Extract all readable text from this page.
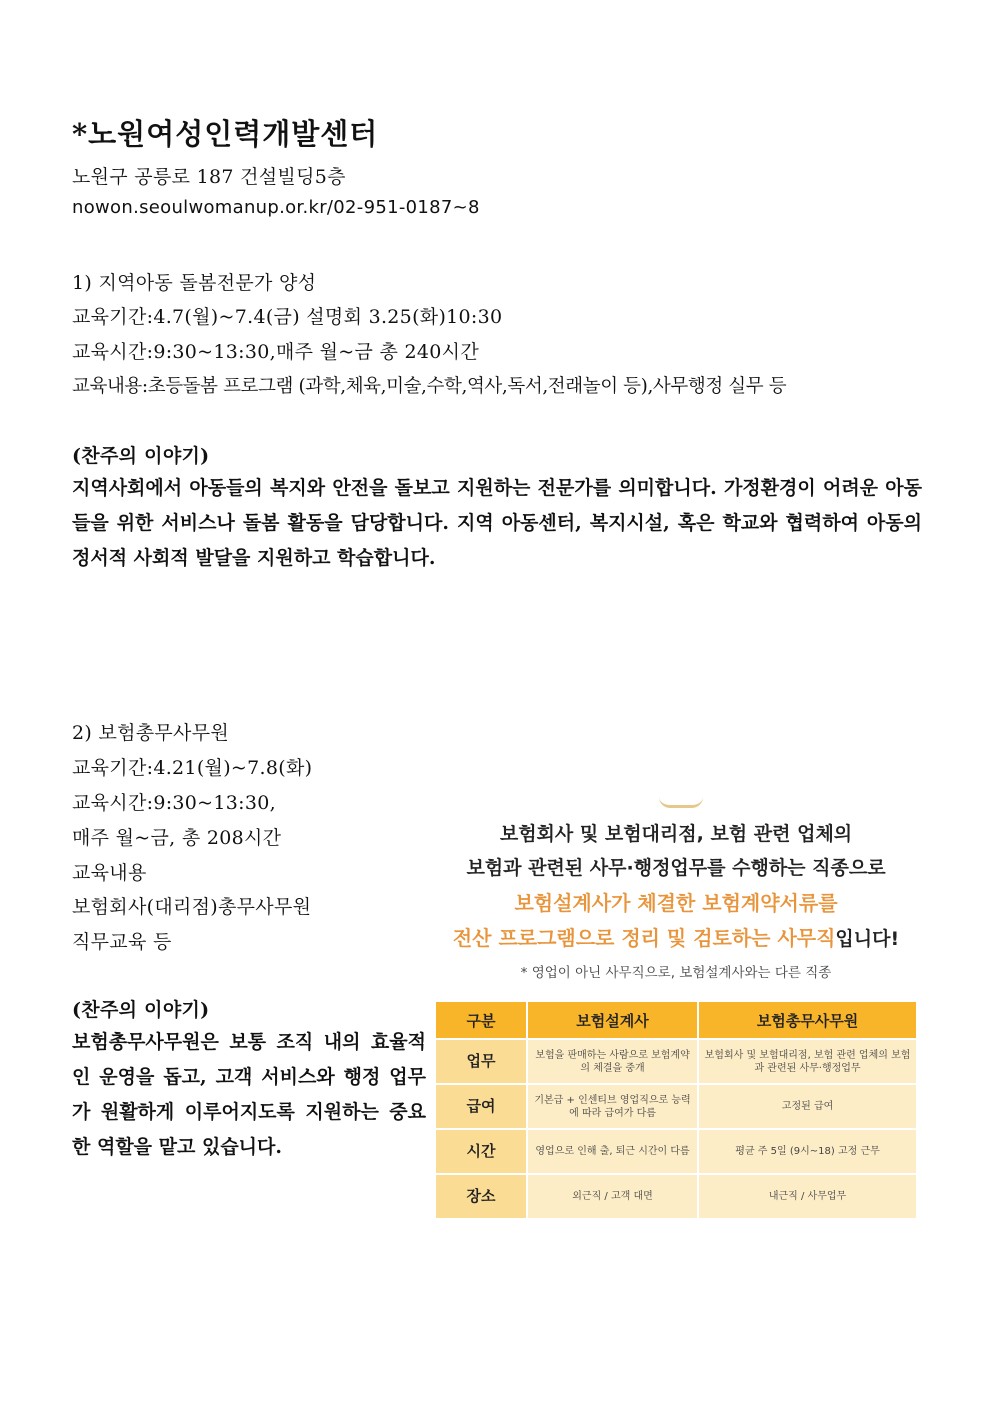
*노원여성인력개발센터
노원구 공릉로 187 건설빌딩5층
nowon.seoulwomanup.or.kr/02-951-0187~8
1) 지역아동 돌봄전문가 양성
교육기간:4.7(월)~7.4(금) 설명회 3.25(화)10:30
교육시간:9:30~13:30,매주 월~금 총 240시간
교육내용:초등돌봄 프로그램 (과학,체육,미술,수학,역사,독서,전래놀이 등),사무행정 실무 등
(찬주의 이야기)
지역사회에서 아동들의 복지와 안전을 돌보고 지원하는 전문가를 의미합니다. 가정환경이 어려운 아동들을 위한 서비스나 돌봄 활동을 담당합니다. 지역 아동센터, 복지시설, 혹은 학교와 협력하여 아동의 정서적 사회적 발달을 지원하고 학습합니다.
2) 보험총무사무원
교육기간:4.21(월)~7.8(화)
교육시간:9:30~13:30,
매주 월~금, 총 208시간
교육내용
보험회사(대리점)총무사무원
직무교육 등
(찬주의 이야기)
보험총무사무원은 보통 조직 내의 효율적인 운영을 돕고, 고객 서비스와 행정 업무가 원활하게 이루어지도록 지원하는 중요한 역할을 맡고 있습니다.
보험회사 및 보험대리점, 보험 관련 업체의
보험과 관련된 사무·행정업무를 수행하는 직종으로
보험설계사가 체결한 보험계약서류를
전산 프로그램으로 정리 및 검토하는 사무직입니다!
* 영업이 아닌 사무직으로, 보험설계사와는 다른 직종
구분	보험설계사	보험총무사무원
업무	보험을 판매하는 사람으로 보험계약의 체결을 중개	보험회사 및 보험대리점, 보험 관련 업체의 보험과 관련된 사무·행정업무
급여	기본급 + 인센티브 영업직으로 능력에 따라 급여가 다름	고정된 급여
시간	영업으로 인해 출, 퇴근 시간이 다름	평균 주 5일 (9시~18) 고정 근무
장소	외근직 / 고객 대면	내근직 / 사무업무
